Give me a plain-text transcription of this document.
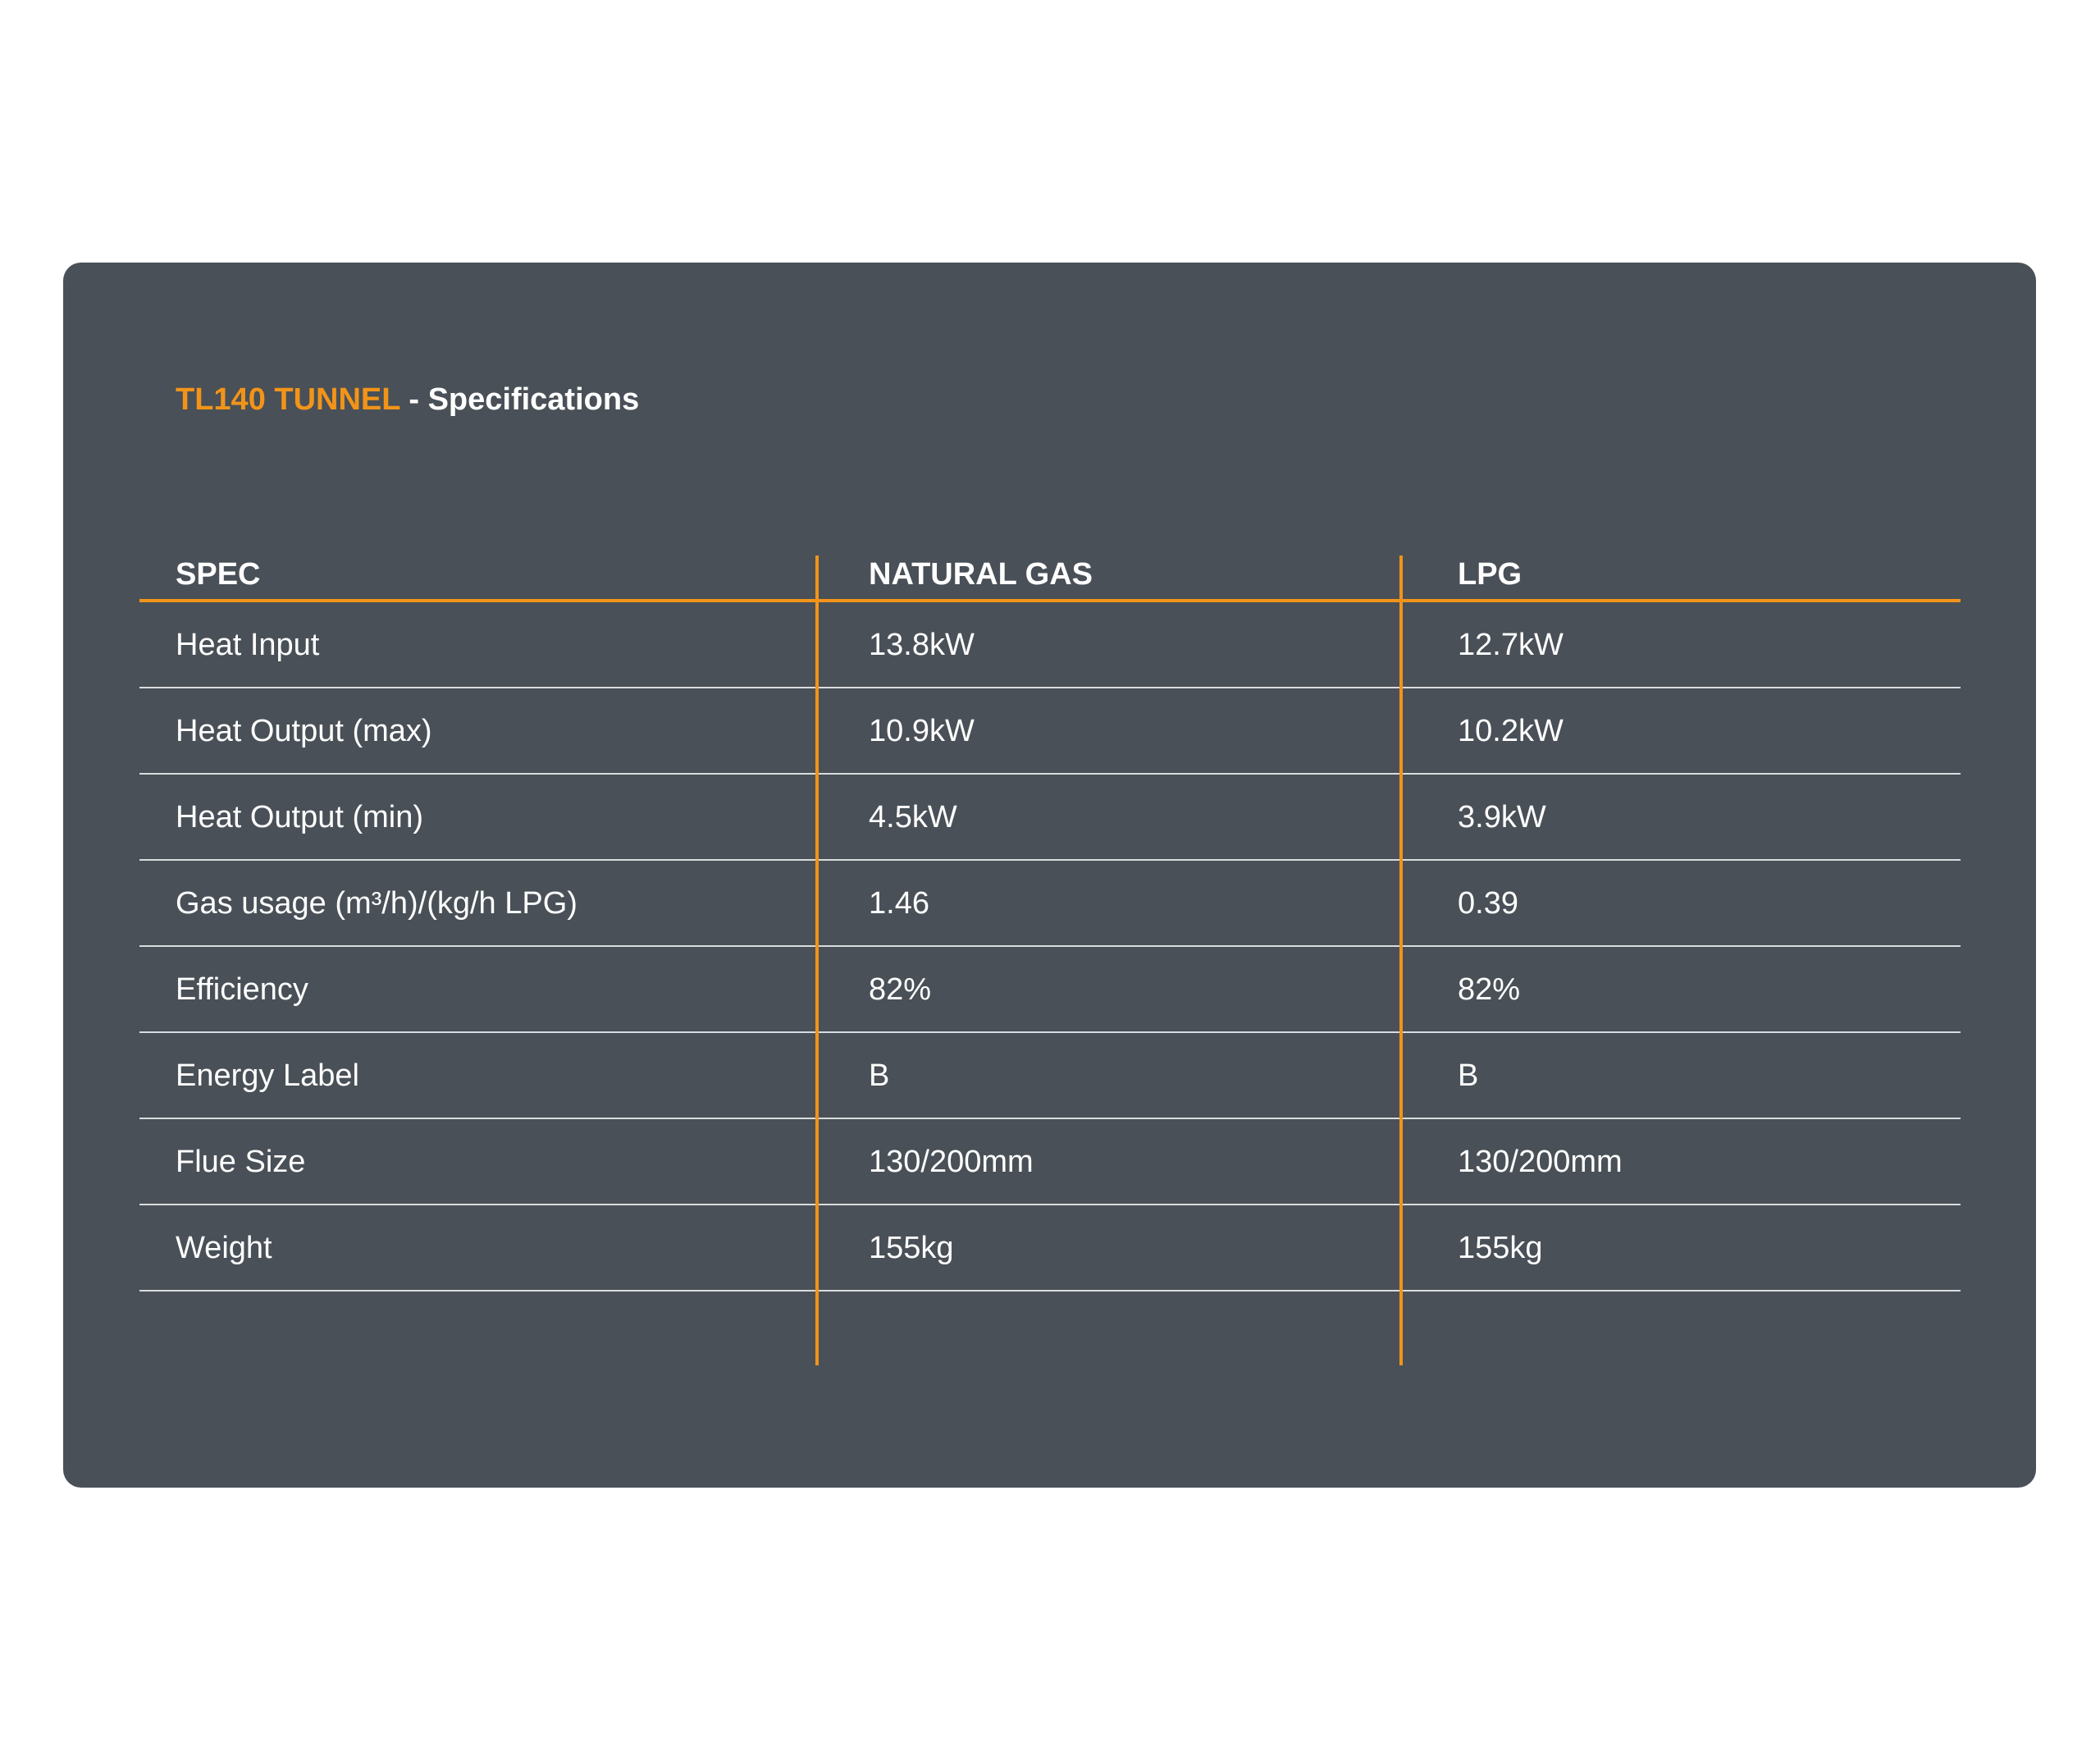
TL140 TUNNEL - Specifications
SPEC	NATURAL GAS	LPG
Heat Input	13.8kW	12.7kW
Heat Output (max)	10.9kW	10.2kW
Heat Output (min)	4.5kW	3.9kW
Gas usage (m³/h)/(kg/h LPG)	1.46	0.39
Efficiency	82%	82%
Energy Label	B	B
Flue Size	130/200mm	130/200mm
Weight	155kg	155kg
